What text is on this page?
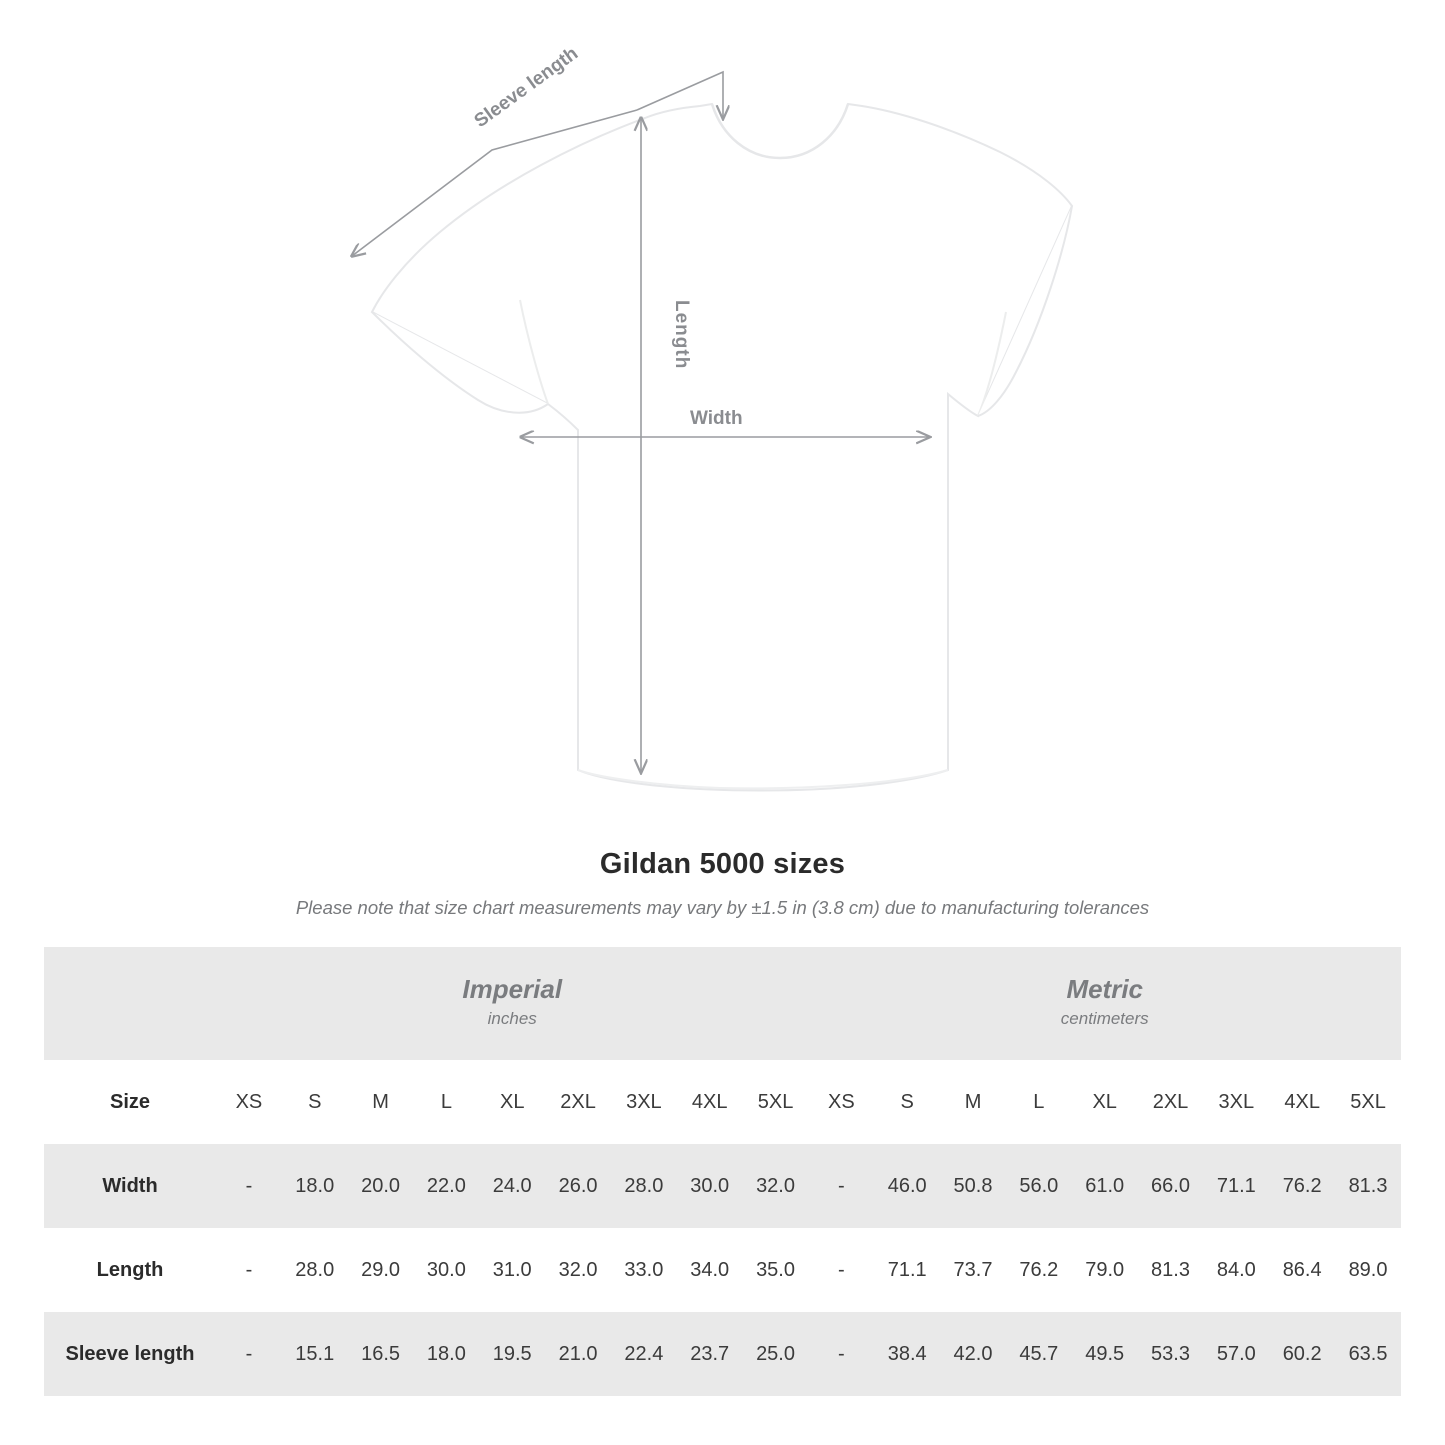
Width
Length
Sleeve length
Gildan 5000 sizes

Please note that size chart measurements may vary by ±1.5 in (3.8 cm) due to manufacturing tolerances

Imperial
inches

Metric
centimeters

Size	XS	S	M	L	XL	2XL	3XL	4XL	5XL	XS	S	M	L	XL	2XL	3XL	4XL	5XL
Width	-	18.0	20.0	22.0	24.0	26.0	28.0	30.0	32.0	-	46.0	50.8	56.0	61.0	66.0	71.1	76.2	81.3
Length	-	28.0	29.0	30.0	31.0	32.0	33.0	34.0	35.0	-	71.1	73.7	76.2	79.0	81.3	84.0	86.4	89.0
Sleeve length	-	15.1	16.5	18.0	19.5	21.0	22.4	23.7	25.0	-	38.4	42.0	45.7	49.5	53.3	57.0	60.2	63.5
